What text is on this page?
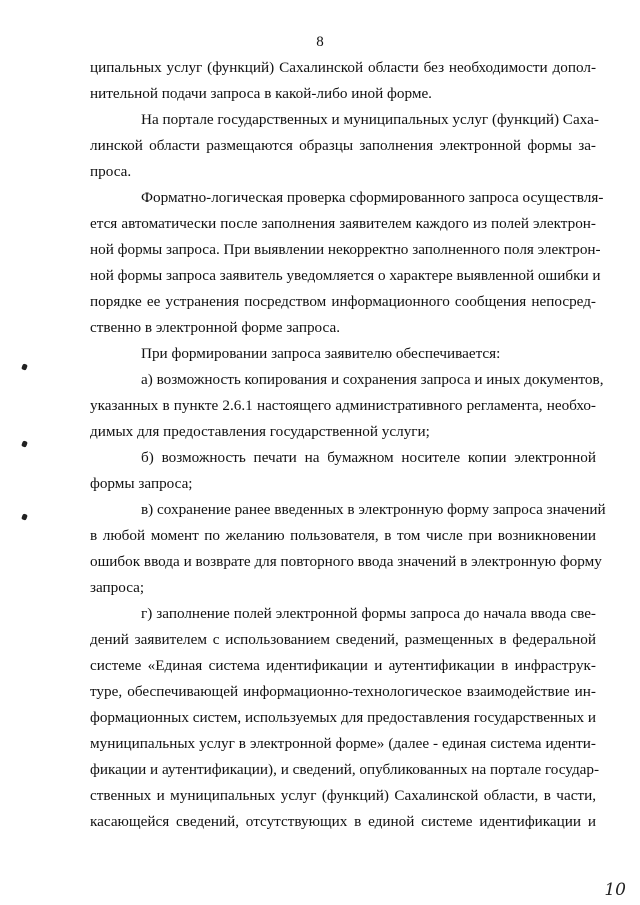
8
ципальных услуг (функций) Сахалинской области без необходимости допол-
нительной подачи запроса в какой-либо иной форме.
На портале государственных и муниципальных услуг (функций) Саха-
линской области размещаются образцы заполнения электронной формы за-
проса.
Форматно-логическая проверка сформированного запроса осуществля-
ется автоматически после заполнения заявителем каждого из полей электрон-
ной формы запроса. При выявлении некорректно заполненного поля электрон-
ной формы запроса заявитель уведомляется о характере выявленной ошибки и
порядке ее устранения посредством информационного сообщения непосред-
ственно в электронной форме запроса.
При формировании запроса заявителю обеспечивается:
а) возможность копирования и сохранения запроса и иных документов,
указанных в пункте 2.6.1 настоящего административного регламента, необхо-
димых для предоставления государственной услуги;
б) возможность печати на бумажном носителе копии электронной
формы запроса;
в) сохранение ранее введенных в электронную форму запроса значений
в любой момент по желанию пользователя, в том числе при возникновении
ошибок ввода и возврате для повторного ввода значений в электронную форму
запроса;
г) заполнение полей электронной формы запроса до начала ввода све-
дений заявителем с использованием сведений, размещенных в федеральной
системе «Единая система идентификации и аутентификации в инфраструк-
туре, обеспечивающей информационно-технологическое взаимодействие ин-
формационных систем, используемых для предоставления государственных и
муниципальных услуг в электронной форме» (далее - единая система иденти-
фикации и аутентификации), и сведений, опубликованных на портале государ-
ственных и муниципальных услуг (функций) Сахалинской области, в части,
касающейся сведений, отсутствующих в единой системе идентификации и
10
